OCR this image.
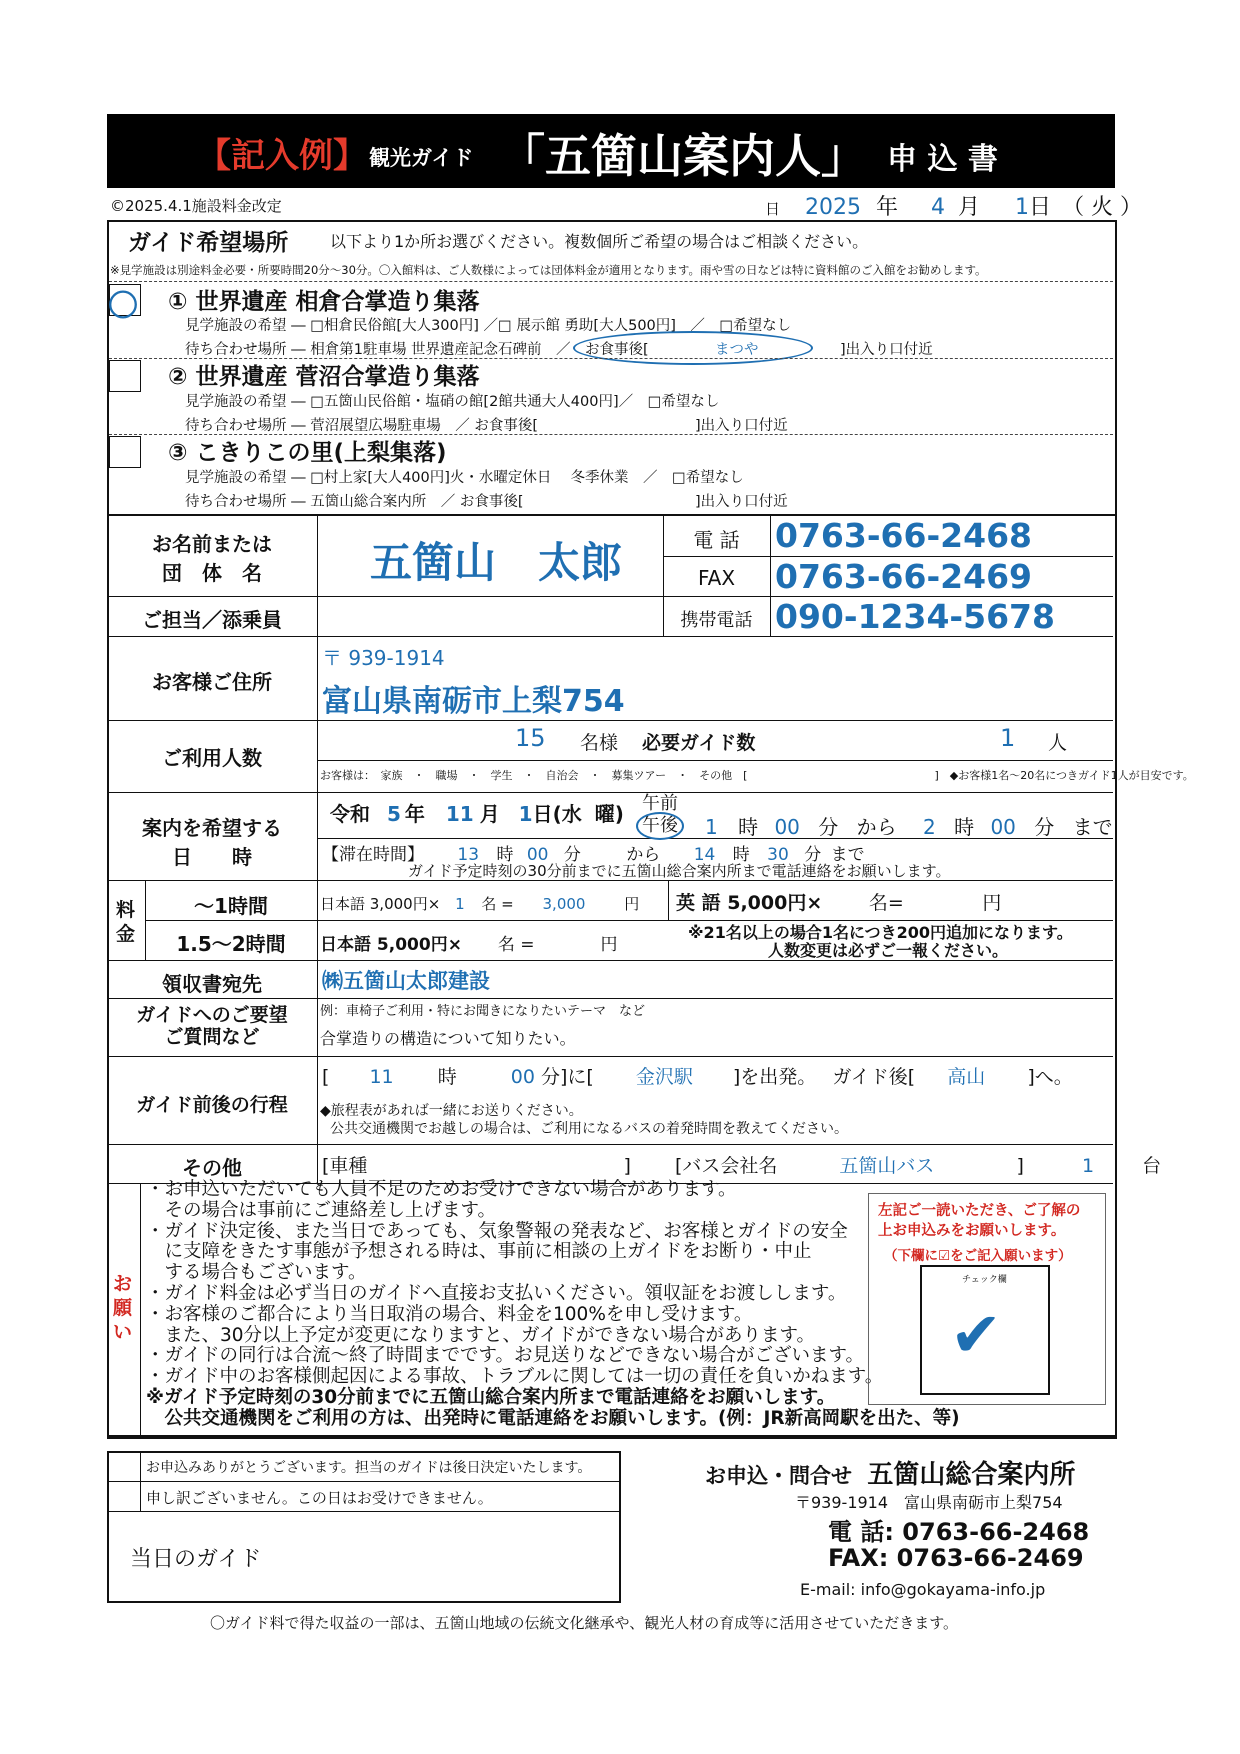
【記入例】 観光ガイド 「五箇山案内人」 申 込 書
©2025.4.1施設料金改定	日 2025 年 4 月 1日 （ 火 ）
ガイド希望場所	以下より1か所お選びください。複数個所ご希望の場合はご相談ください。
※見学施設は別途料金必要・所要時間20分～30分。〇入館料は、ご人数様によっては団体料金が適用となります。雨や雪の日などは特に資料館のご入館をお勧めします。
〇 ① 世界遺産 相倉合掌造り集落
見学施設の希望 ― □相倉民俗館[大人300円] ／□ 展示館 勇助[大人500円]　／　□希望なし
待ち合わせ場所 ― 相倉第1駐車場 世界遺産記念石碑前　／　お食事後[	まつや	]出入り口付近
② 世界遺産 菅沼合掌造り集落
見学施設の希望 ― □五箇山民俗館・塩硝の館[2館共通大人400円]／　□希望なし
待ち合わせ場所 ― 菅沼展望広場駐車場　／ お食事後[	]出入り口付近
③ こきりこの里(上梨集落)
見学施設の希望 ― □村上家[大人400円]火・水曜定休日　 冬季休業　／　□希望なし
待ち合わせ場所 ― 五箇山総合案内所　／ お食事後[	]出入り口付近
お名前または
団　体　名	五箇山　太郎	電 話	0763-66-2468
FAX	0763-66-2469
ご担当／添乗員	携帯電話 090-1234-5678
お客様ご住所
〒 939-1914
富山県南砺市上梨754
ご利用人数
15 名様 必要ガイド数	1 人
お客様は：　家族　・　職場　・　学生　・　自治会　・　募集ツアー　・　その他　[　　　　　　　　　　　　　　　　　]　◆お客様1名～20名につきガイド1人が目安です。
案内を希望する
日　　時
令和 5 年 11 月 1日(水 曜) 午前
午後 1 時 00 分 から 2 時 00 分 まで
【滞在時間】 13 時 00 分	から 14 時 30 分 まで
ガイド予定時刻の30分前までに五箇山総合案内所まで電話連絡をお願いします。
料
金
～1時間	日本語 3,000円× 1 名 = 3,000	円 英 語 5,000円× 名=	円
1.5～2時間	日本語 5,000円× 名 =	円
※21名以上の場合1名につき200円追加になります。
人数変更は必ずご一報ください。
領収書宛先	㈱五箇山太郎建設
ガイドへのご要望
ご質問など
例：車椅子ご利用・特にお聞きになりたいテーマ　など
合掌造りの構造について知りたい。
ガイド前後の行程
[ 11 時	00 分]に[ 金沢駅 ]を出発。 ガイド後[ 高山 ]へ。
◆旅程表があれば一緒にお送りください。
公共交通機関でお越しの場合は、ご利用になるバスの着発時間を教えてください。
その他	[車種	] [バス会社名	五箇山バス	]	1	台
お
願
い
・お申込いただいても人員不足のためお受けできない場合があります。
　その場合は事前にご連絡差し上げます。
・ガイド決定後、また当日であっても、気象警報の発表など、お客様とガイドの安全
　に支障をきたす事態が予想される時は、事前に相談の上ガイドをお断り・中止
　する場合もございます。
・ガイド料金は必ず当日のガイドへ直接お支払いください。領収証をお渡しします。
・お客様のご都合により当日取消の場合、料金を100%を申し受けます。
　また、30分以上予定が変更になりますと、ガイドができない場合があります。
・ガイドの同行は合流～終了時間までです。お見送りなどできない場合がございます。
・ガイド中のお客様側起因による事故、トラブルに関しては一切の責任を負いかねます。
※ガイド予定時刻の30分前までに五箇山総合案内所まで電話連絡をお願いします。
　公共交通機関をご利用の方は、出発時に電話連絡をお願いします。(例：JR新高岡駅を出た、等)
左記ご一読いただき、ご了解の
上お申込みをお願いします。
（下欄に☑をご記入願います）
チェック欄
✔
お申込みありがとうございます。担当のガイドは後日決定いたします。
申し訳ございません。この日はお受けできません。
当日のガイド
お申込・問合せ 五箇山総合案内所
〒939-1914　富山県南砺市上梨754
電 話: 0763-66-2468
FAX: 0763-66-2469
E-mail: info@gokayama-info.jp
〇ガイド料で得た収益の一部は、五箇山地域の伝統文化継承や、観光人材の育成等に活用させていただきます。
